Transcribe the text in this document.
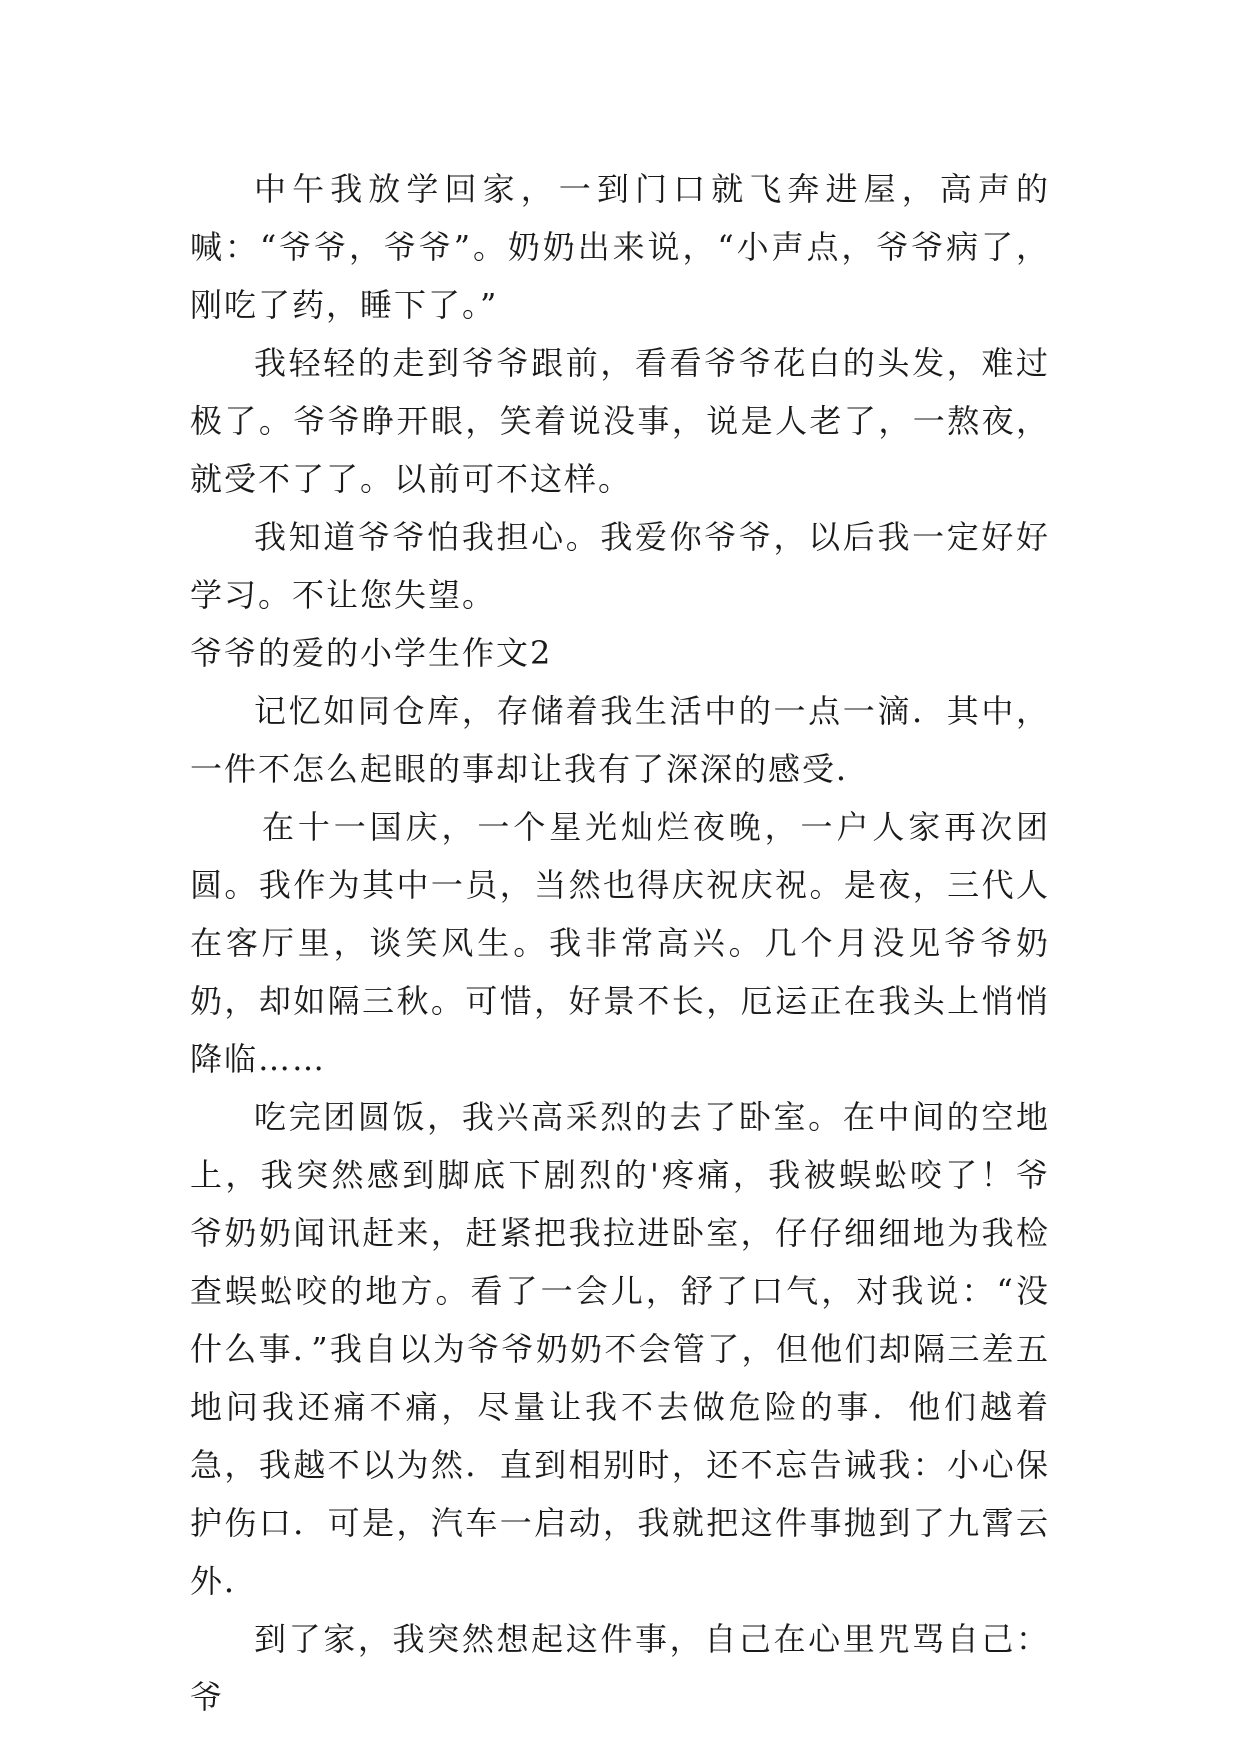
中午我放学回家，一到门口就飞奔进屋，高声的喊：“爷爷，爷爷”。奶奶出来说，“小声点，爷爷病了，刚吃了药，睡下了。”

我轻轻的走到爷爷跟前，看看爷爷花白的头发，难过极了。爷爷睁开眼，笑着说没事，说是人老了，一熬夜，就受不了了。以前可不这样。

我知道爷爷怕我担心。我爱你爷爷，以后我一定好好学习。不让您失望。

爷爷的爱的小学生作文2

记忆如同仓库，存储着我生活中的一点一滴．其中，一件不怎么起眼的事却让我有了深深的感受．

在十一国庆，一个星光灿烂夜晚，一户人家再次团圆。我作为其中一员，当然也得庆祝庆祝。是夜，三代人在客厅里，谈笑风生。我非常高兴。几个月没见爷爷奶奶，却如隔三秋。可惜，好景不长，厄运正在我头上悄悄降临……

吃完团圆饭，我兴高采烈的去了卧室。在中间的空地上，我突然感到脚底下剧烈的'疼痛，我被蜈蚣咬了！爷爷奶奶闻讯赶来，赶紧把我拉进卧室，仔仔细细地为我检查蜈蚣咬的地方。看了一会儿，舒了口气，对我说：“没什么事．”我自以为爷爷奶奶不会管了，但他们却隔三差五地问我还痛不痛，尽量让我不去做危险的事．他们越着急，我越不以为然．直到相别时，还不忘告诫我：小心保护伤口．可是，汽车一启动，我就把这件事抛到了九霄云外．

到了家，我突然想起这件事，自己在心里咒骂自己：爷
